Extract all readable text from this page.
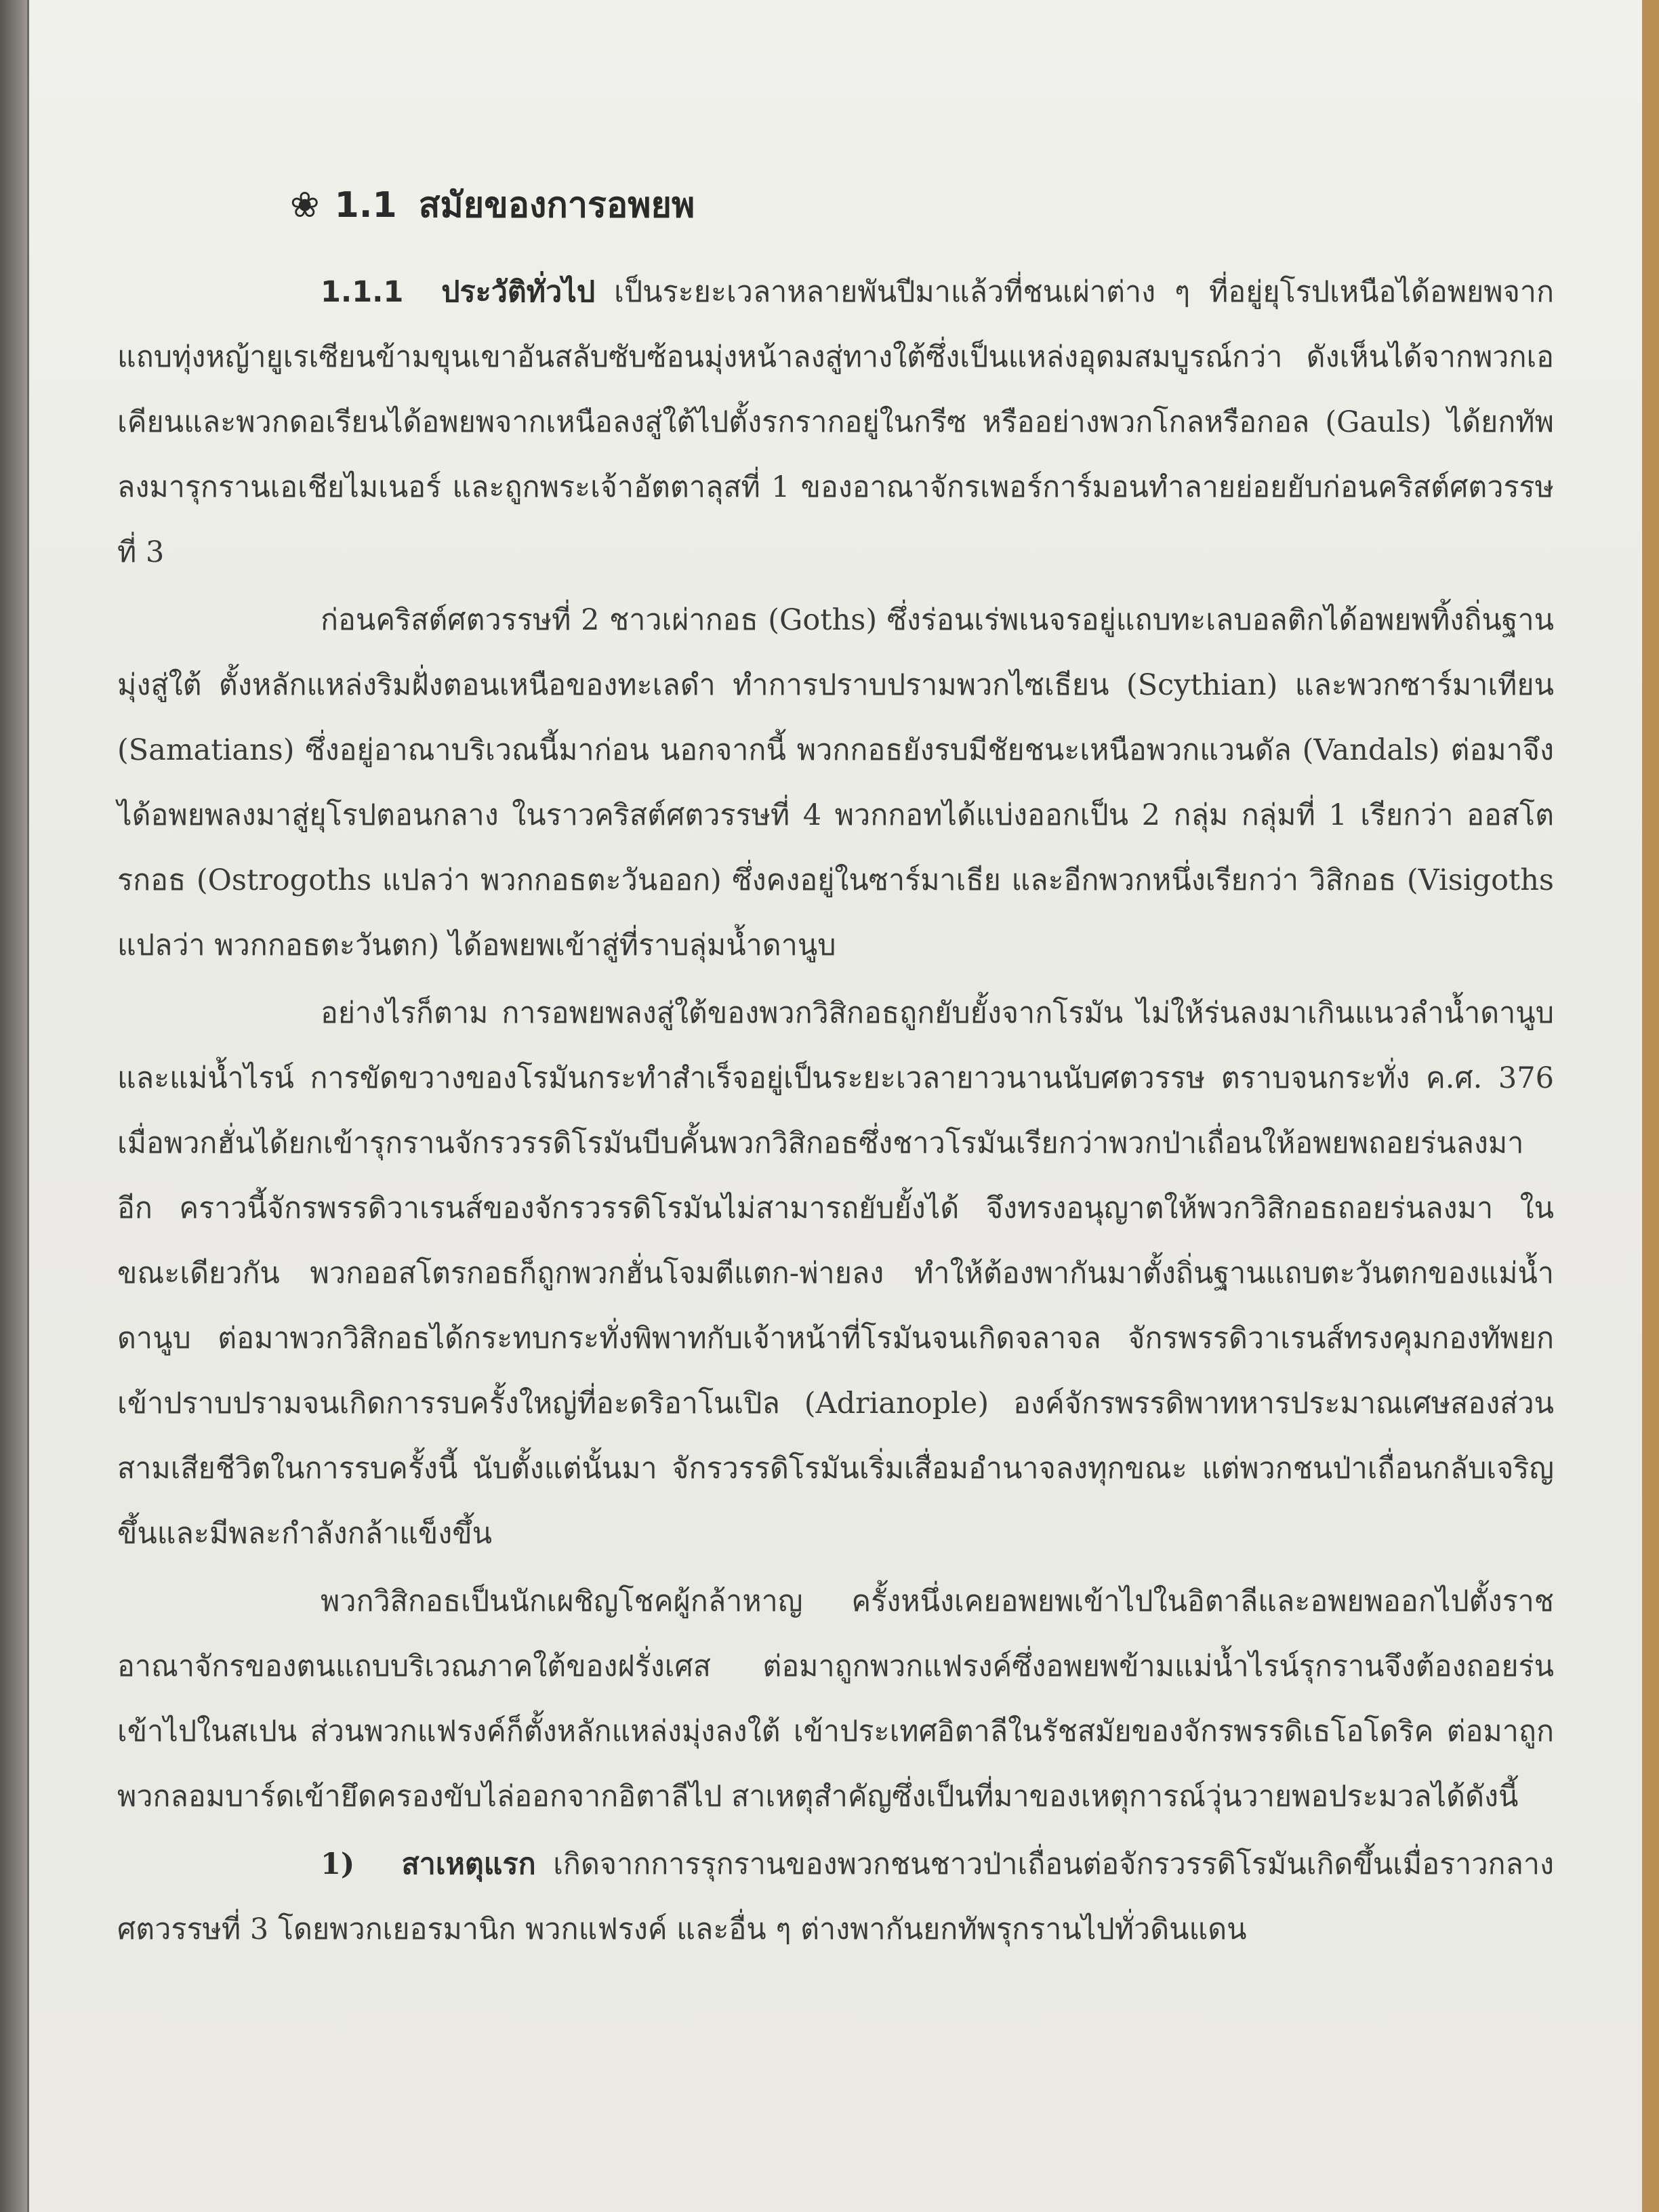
❀ 1.1 สมัยของการอพยพ

1.1.1 ประวัติทั่วไป เป็นระยะเวลาหลายพันปีมาแล้วที่ชนเผ่าต่าง ๆ ที่อยู่ยุโรปเหนือได้อพยพจากแถบทุ่งหญ้ายูเรเซียนข้ามขุนเขาอันสลับซับซ้อนมุ่งหน้าลงสู่ทางใต้ซึ่งเป็นแหล่งอุดมสมบูรณ์กว่า ดังเห็นได้จากพวกเอเคียนและพวกดอเรียนได้อพยพจากเหนือลงสู่ใต้ไปตั้งรกรากอยู่ในกรีซ หรืออย่างพวกโกลหรือกอล (Gauls) ได้ยกทัพลงมารุกรานเอเชียไมเนอร์ และถูกพระเจ้าอัตตาลุสที่ 1 ของอาณาจักรเพอร์การ์มอนทำลายย่อยยับก่อนคริสต์ศตวรรษที่ 3

ก่อนคริสต์ศตวรรษที่ 2 ชาวเผ่ากอธ (Goths) ซึ่งร่อนเร่พเนจรอยู่แถบทะเลบอลติกได้อพยพทิ้งถิ่นฐานมุ่งสู่ใต้ ตั้งหลักแหล่งริมฝั่งตอนเหนือของทะเลดำ ทำการปราบปรามพวกไซเธียน (Scythian) และพวกซาร์มาเทียน (Samatians) ซึ่งอยู่อาณาบริเวณนี้มาก่อน นอกจากนี้ พวกกอธยังรบมีชัยชนะเหนือพวกแวนดัล (Vandals) ต่อมาจึงได้อพยพลงมาสู่ยุโรปตอนกลาง ในราวคริสต์ศตวรรษที่ 4 พวกกอทได้แบ่งออกเป็น 2 กลุ่ม กลุ่มที่ 1 เรียกว่า ออสโตรกอธ (Ostrogoths แปลว่า พวกกอธตะวันออก) ซึ่งคงอยู่ในซาร์มาเธีย และอีกพวกหนึ่งเรียกว่า วิสิกอธ (Visigoths แปลว่า พวกกอธตะวันตก) ได้อพยพเข้าสู่ที่ราบลุ่มน้ำดานูบ

อย่างไรก็ตาม การอพยพลงสู่ใต้ของพวกวิสิกอธถูกยับยั้งจากโรมัน ไม่ให้ร่นลงมาเกินแนวลำน้ำดานูบและแม่น้ำไรน์ การขัดขวางของโรมันกระทำสำเร็จอยู่เป็นระยะเวลายาวนานนับศตวรรษ ตราบจนกระทั่ง ค.ศ. 376 เมื่อพวกฮั่นได้ยกเข้ารุกรานจักรวรรดิโรมันบีบคั้นพวกวิสิกอธซึ่งชาวโรมันเรียกว่าพวกป่าเถื่อนให้อพยพถอยร่นลงมาอีก คราวนี้จักรพรรดิวาเรนส์ของจักรวรรดิโรมันไม่สามารถยับยั้งได้ จึงทรงอนุญาตให้พวกวิสิกอธถอยร่นลงมา ในขณะเดียวกัน พวกออสโตรกอธก็ถูกพวกฮั่นโจมตีแตก-พ่ายลง ทำให้ต้องพากันมาตั้งถิ่นฐานแถบตะวันตกของแม่น้ำดานูบ ต่อมาพวกวิสิกอธได้กระทบกระทั่งพิพาทกับเจ้าหน้าที่โรมันจนเกิดจลาจล จักรพรรดิวาเรนส์ทรงคุมกองทัพยกเข้าปราบปรามจนเกิดการรบครั้งใหญ่ที่อะดริอาโนเปิล (Adrianople) องค์จักรพรรดิพาทหารประมาณเศษสองส่วนสามเสียชีวิตในการรบครั้งนี้ นับตั้งแต่นั้นมา จักรวรรดิโรมันเริ่มเสื่อมอำนาจลงทุกขณะ แต่พวกชนป่าเถื่อนกลับเจริญขึ้นและมีพละกำลังกล้าแข็งขึ้น

พวกวิสิกอธเป็นนักเผชิญโชคผู้กล้าหาญ ครั้งหนึ่งเคยอพยพเข้าไปในอิตาลีและอพยพออกไปตั้งราชอาณาจักรของตนแถบบริเวณภาคใต้ของฝรั่งเศส ต่อมาถูกพวกแฟรงค์ซึ่งอพยพข้ามแม่น้ำไรน์รุกรานจึงต้องถอยร่นเข้าไปในสเปน ส่วนพวกแฟรงค์ก็ตั้งหลักแหล่งมุ่งลงใต้ เข้าประเทศอิตาลีในรัชสมัยของจักรพรรดิเธโอโดริค ต่อมาถูกพวกลอมบาร์ดเข้ายึดครองขับไล่ออกจากอิตาลีไป สาเหตุสำคัญซึ่งเป็นที่มาของเหตุการณ์วุ่นวายพอประมวลได้ดังนี้

1) สาเหตุแรก เกิดจากการรุกรานของพวกชนชาวป่าเถื่อนต่อจักรวรรดิโรมันเกิดขึ้นเมื่อราวกลางศตวรรษที่ 3 โดยพวกเยอรมานิก พวกแฟรงค์ และอื่น ๆ ต่างพากันยกทัพรุกรานไปทั่วดินแดน
